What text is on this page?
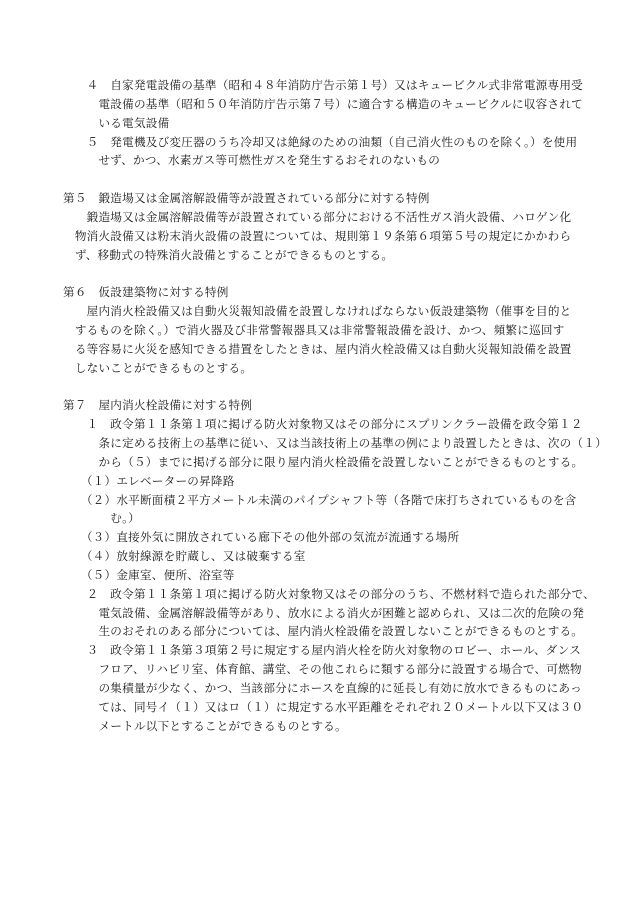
　　４　自家発電設備の基準（昭和４８年消防庁告示第１号）又はキュービクル式非常電源専用受
　　　電設備の基準（昭和５０年消防庁告示第７号）に適合する構造のキュービクルに収容されて
　　　いる電気設備
　　５　発電機及び変圧器のうち冷却又は絶縁のための油類（自己消火性のものを除く。）を使用
　　　せず、かつ、水素ガス等可燃性ガスを発生するおそれのないもの
第５　鍛造場又は金属溶解設備等が設置されている部分に対する特例
　　鍛造場又は金属溶解設備等が設置されている部分における不活性ガス消火設備、ハロゲン化
　物消火設備又は粉末消火設備の設置については、規則第１９条第６項第５号の規定にかかわら
　ず、移動式の特殊消火設備とすることができるものとする。
第６　仮設建築物に対する特例
　　屋内消火栓設備又は自動火災報知設備を設置しなければならない仮設建築物（催事を目的と
　するものを除く。）で消火器及び非常警報器具又は非常警報設備を設け、かつ、頻繁に巡回す
　る等容易に火災を感知できる措置をしたときは、屋内消火栓設備又は自動火災報知設備を設置
　しないことができるものとする。
第７　屋内消火栓設備に対する特例
　　１　政令第１１条第１項に掲げる防火対象物又はその部分にスプリンクラー設備を政令第１２
　　　条に定める技術上の基準に従い、又は当該技術上の基準の例により設置したときは、次の（１）
　　　から（５）までに掲げる部分に限り屋内消火栓設備を設置しないことができるものとする。
　　（１）エレベーターの昇降路
　　（２）水平断面積２平方メートル未満のパイプシャフト等（各階で床打ちされているものを含
　　　　む。）
　　（３）直接外気に開放されている廊下その他外部の気流が流通する場所
　　（４）放射線源を貯蔵し、又は破棄する室
　　（５）金庫室、便所、浴室等
　　２　政令第１１条第１項に掲げる防火対象物又はその部分のうち、不燃材料で造られた部分で、
　　　電気設備、金属溶解設備等があり、放水による消火が困難と認められ、又は二次的危険の発
　　　生のおそれのある部分については、屋内消火栓設備を設置しないことができるものとする。
　　３　政令第１１条第３項第２号に規定する屋内消火栓を防火対象物のロビー、ホール、ダンス
　　　フロア、リハビリ室、体育館、講堂、その他これらに類する部分に設置する場合で、可燃物
　　　の集積量が少なく、かつ、当該部分にホースを直線的に延長し有効に放水できるものにあっ
　　　ては、同号イ（１）又はロ（１）に規定する水平距離をそれぞれ２０メートル以下又は３０
　　　メートル以下とすることができるものとする。
